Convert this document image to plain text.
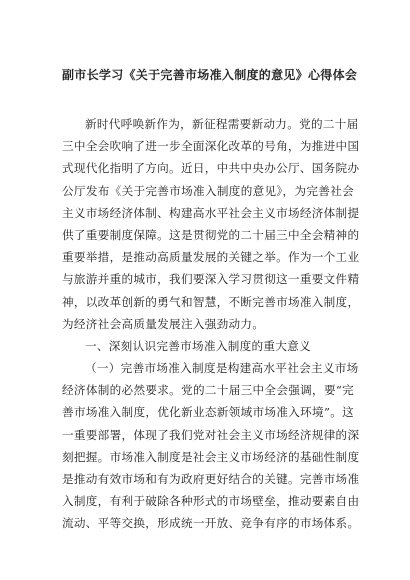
副市长学习《关于完善市场准入制度的意见》心得体会
新时代呼唤新作为，新征程需要新动力。党的二十届
三中全会吹响了进一步全面深化改革的号角，为推进中国
式现代化指明了方向。近日，中共中央办公厅、国务院办
公厅发布《关于完善市场准入制度的意见》，为完善社会
主义市场经济体制、构建高水平社会主义市场经济体制提
供了重要制度保障。这是贯彻党的二十届三中全会精神的
重要举措，是推动高质量发展的关键之举。作为一个工业
与旅游并重的城市，我们要深入学习贯彻这一重要文件精
神，以改革创新的勇气和智慧，不断完善市场准入制度，
为经济社会高质量发展注入强劲动力。
一、深刻认识完善市场准入制度的重大意义
（一）完善市场准入制度是构建高水平社会主义市场
经济体制的必然要求。党的二十届三中全会强调，要“完
善市场准入制度，优化新业态新领域市场准入环境”。这
一重要部署，体现了我们党对社会主义市场经济规律的深
刻把握。市场准入制度是社会主义市场经济的基础性制度
是推动有效市场和有为政府更好结合的关键。完善市场准
入制度，有利于破除各种形式的市场壁垒，推动要素自由
流动、平等交换，形成统一开放、竞争有序的市场体系。
